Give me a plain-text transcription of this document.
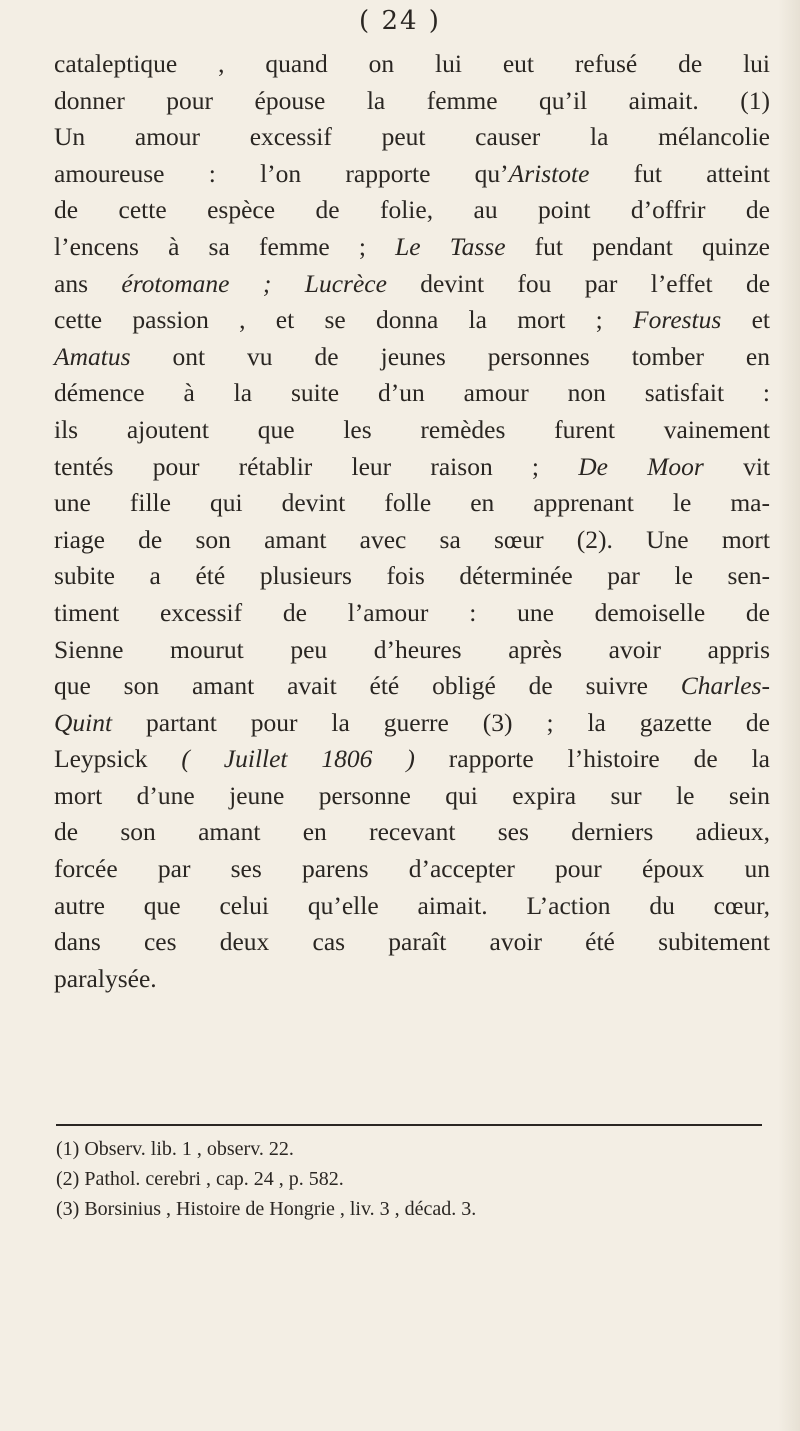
( 24 )
cataleptique , quand on lui eut refusé de lui
donner pour épouse la femme qu’il aimait. (1)
Un amour excessif peut causer la mélancolie
amoureuse : l’on rapporte qu’Aristote fut atteint
de cette espèce de folie, au point d’offrir de
l’encens à sa femme ; Le Tasse fut pendant quinze
ans érotomane ; Lucrèce devint fou par l’effet de
cette passion , et se donna la mort ; Forestus et
Amatus ont vu de jeunes personnes tomber en
démence à la suite d’un amour non satisfait :
ils ajoutent que les remèdes furent vainement
tentés pour rétablir leur raison ; De Moor vit
une fille qui devint folle en apprenant le ma-
riage de son amant avec sa sœur (2). Une mort
subite a été plusieurs fois déterminée par le sen-
timent excessif de l’amour : une demoiselle de
Sienne mourut peu d’heures après avoir appris
que son amant avait été obligé de suivre Charles-
Quint partant pour la guerre (3) ; la gazette de
Leypsick ( Juillet 1806 ) rapporte l’histoire de la
mort d’une jeune personne qui expira sur le sein
de son amant en recevant ses derniers adieux,
forcée par ses parens d’accepter pour époux un
autre que celui qu’elle aimait. L’action du cœur,
dans ces deux cas paraît avoir été subitement
paralysée.
(1) Observ. lib. 1 , observ. 22.
(2) Pathol. cerebri , cap. 24 , p. 582.
(3) Borsinius , Histoire de Hongrie , liv. 3 , décad. 3.
